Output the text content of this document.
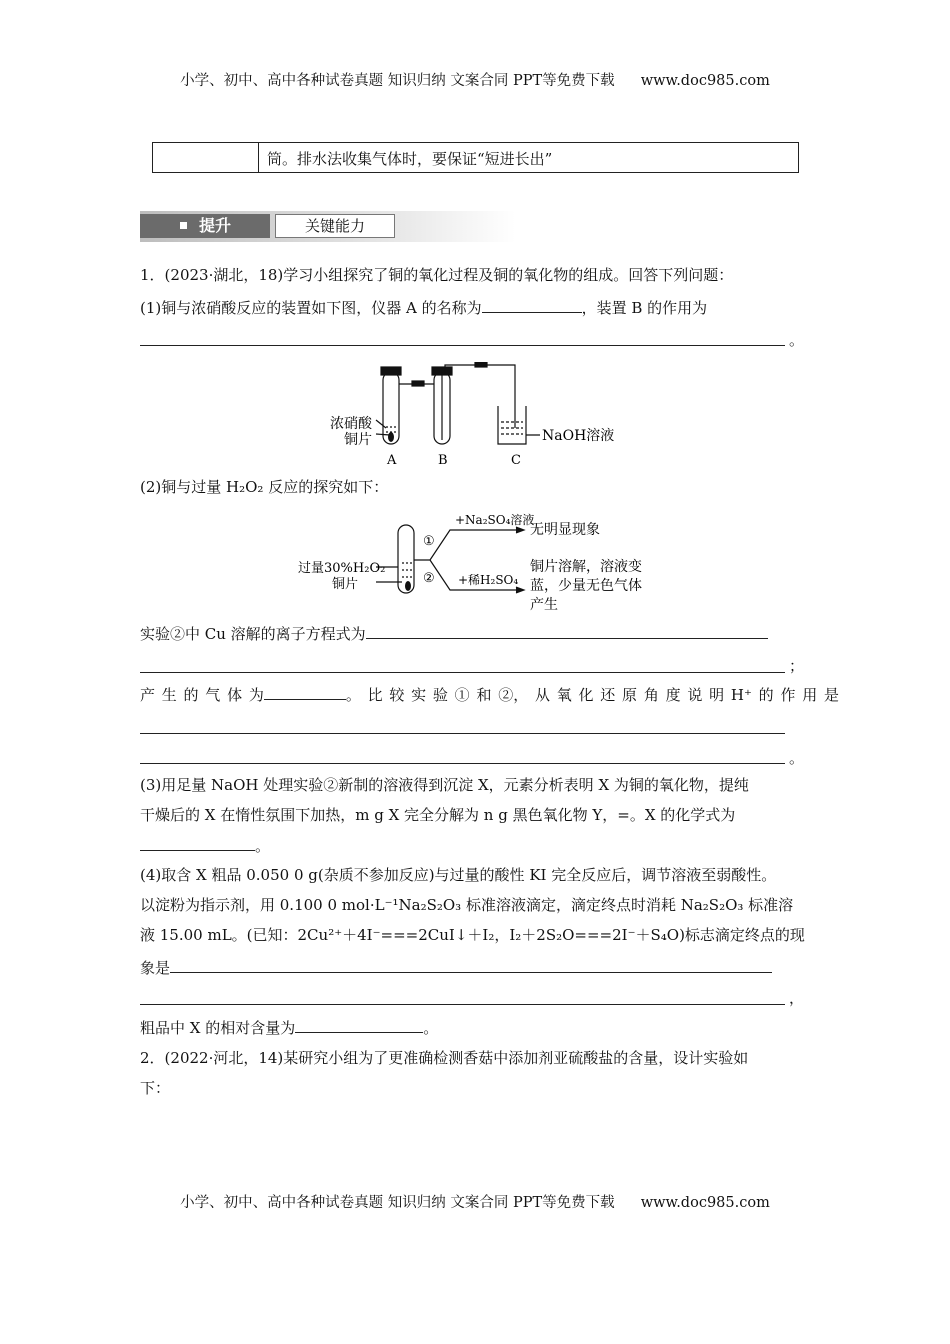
小学、初中、高中各种试卷真题 知识归纳 文案合同 PPT等免费下载 www.doc985.com
筒。排水法收集气体时，要保证“短进长出”
提升	关键能力
1．(2023·湖北，18)学习小组探究了铜的氧化过程及铜的氧化物的组成。回答下列问题：
(1)铜与浓硝酸反应的装置如下图，仪器 A 的名称为	，装置 B 的作用为
。
浓硝酸
铜片	NaOH溶液
A	B	C
(2)铜与过量 H₂O₂ 反应的探究如下：
过量30%H₂O₂
铜片
①
②
+Na₂SO₄溶液
+稀H₂SO₄
无明显现象
铜片溶解，溶液变
蓝，少量无色气体
产生
实验②中 Cu 溶解的离子方程式为
；
产 生 的 气 体 为	。 比 较 实 验 ① 和 ②， 从 氧 化 还 原 角 度 说 明 H⁺ 的 作 用 是
。
(3)用足量 NaOH 处理实验②新制的溶液得到沉淀 X，元素分析表明 X 为铜的氧化物，提纯
干燥后的 X 在惰性氛围下加热，m g X 完全分解为 n g 黑色氧化物 Y，=。X 的化学式为
。
(4)取含 X 粗品 0.050 0 g(杂质不参加反应)与过量的酸性 KI 完全反应后，调节溶液至弱酸性。
以淀粉为指示剂，用 0.100 0 mol·L⁻¹Na₂S₂O₃ 标准溶液滴定，滴定终点时消耗 Na₂S₂O₃ 标准溶
液 15.00 mL。(已知：2Cu²⁺＋4I⁻===2CuI↓＋I₂，I₂＋2S₂O===2I⁻＋S₄O)标志滴定终点的现
象是
，
粗品中 X 的相对含量为	。
2．(2022·河北，14)某研究小组为了更准确检测香菇中添加剂亚硫酸盐的含量，设计实验如
下：
小学、初中、高中各种试卷真题 知识归纳 文案合同 PPT等免费下载 www.doc985.com
